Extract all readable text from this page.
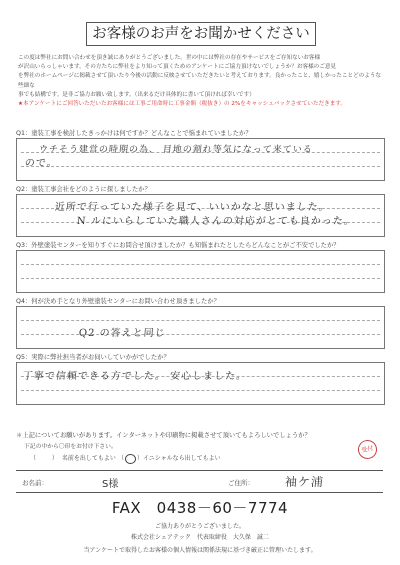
お客様のお声をお聞かせください

この度は弊社にお問い合わせを頂き誠にありがとうございました。世の中には弊社の存在やサービスをご存知ないお客様

が沢山いらっしゃいます。その方たちに弊社をより知って頂くためのアンケートにご協力頂けないでしょうか？お客様のご意見

を弊社のホームページに掲載させて頂いたり今後の活動に反映させていただきたいと考えております。良かったこと、嬉しかったことどのような些細な

事でも結構です。是非ご協力お願い致します。（出来るだけ具体的に書いて頂ければ幸いです）

★本アンケートにご回答いただいたお客様には工事ご用命時に工事金額（税抜き）の 2%をキャッシュバックさせていただきます。

Q1：塗装工事を検討したきっかけは何ですか？どんなことで悩まれていましたか？
ウチそう建営の時期の為、 目地の割れ等気になって来ている
ので。
Q2：塗装工事会社をどのように探しましたか？
近所で行っていた様子を見て、いいかなと思いました。
N ルにいらしていた職人さんの対応がとても良かった。
Q3：外壁塗装センターを知りすぐにお問合せ頂けましたか？も知悩まれたとしたらどんなことがご不安でしたか？
Q4：何が決め手となり外壁塗装センターにお問い合わせ頂きましたか？
Q2 の答えと同じ
Q5：実際に弊社担当者がお伺いしていかがでしたか？
丁寧で信頼できる方でした。 安心しました。
＊上記についてお願いがあります。インターネットや印刷物に掲載させて頂いてもよろしいでしょうか？
下記の中から〇印をお付け下さい。
（  ）名前を出してもよい （○）イニシャルなら出してもよい
受付
お名前：	S様	ご住所：	袖ケ浦
FAX　0438－60－7774
ご協力ありがとうございました。
株式会社シェアテック　代表取締役　大久保　誠二
当アンケートで取得したお客様の個人情報は関係法規に基づき厳正に管理いたします。
